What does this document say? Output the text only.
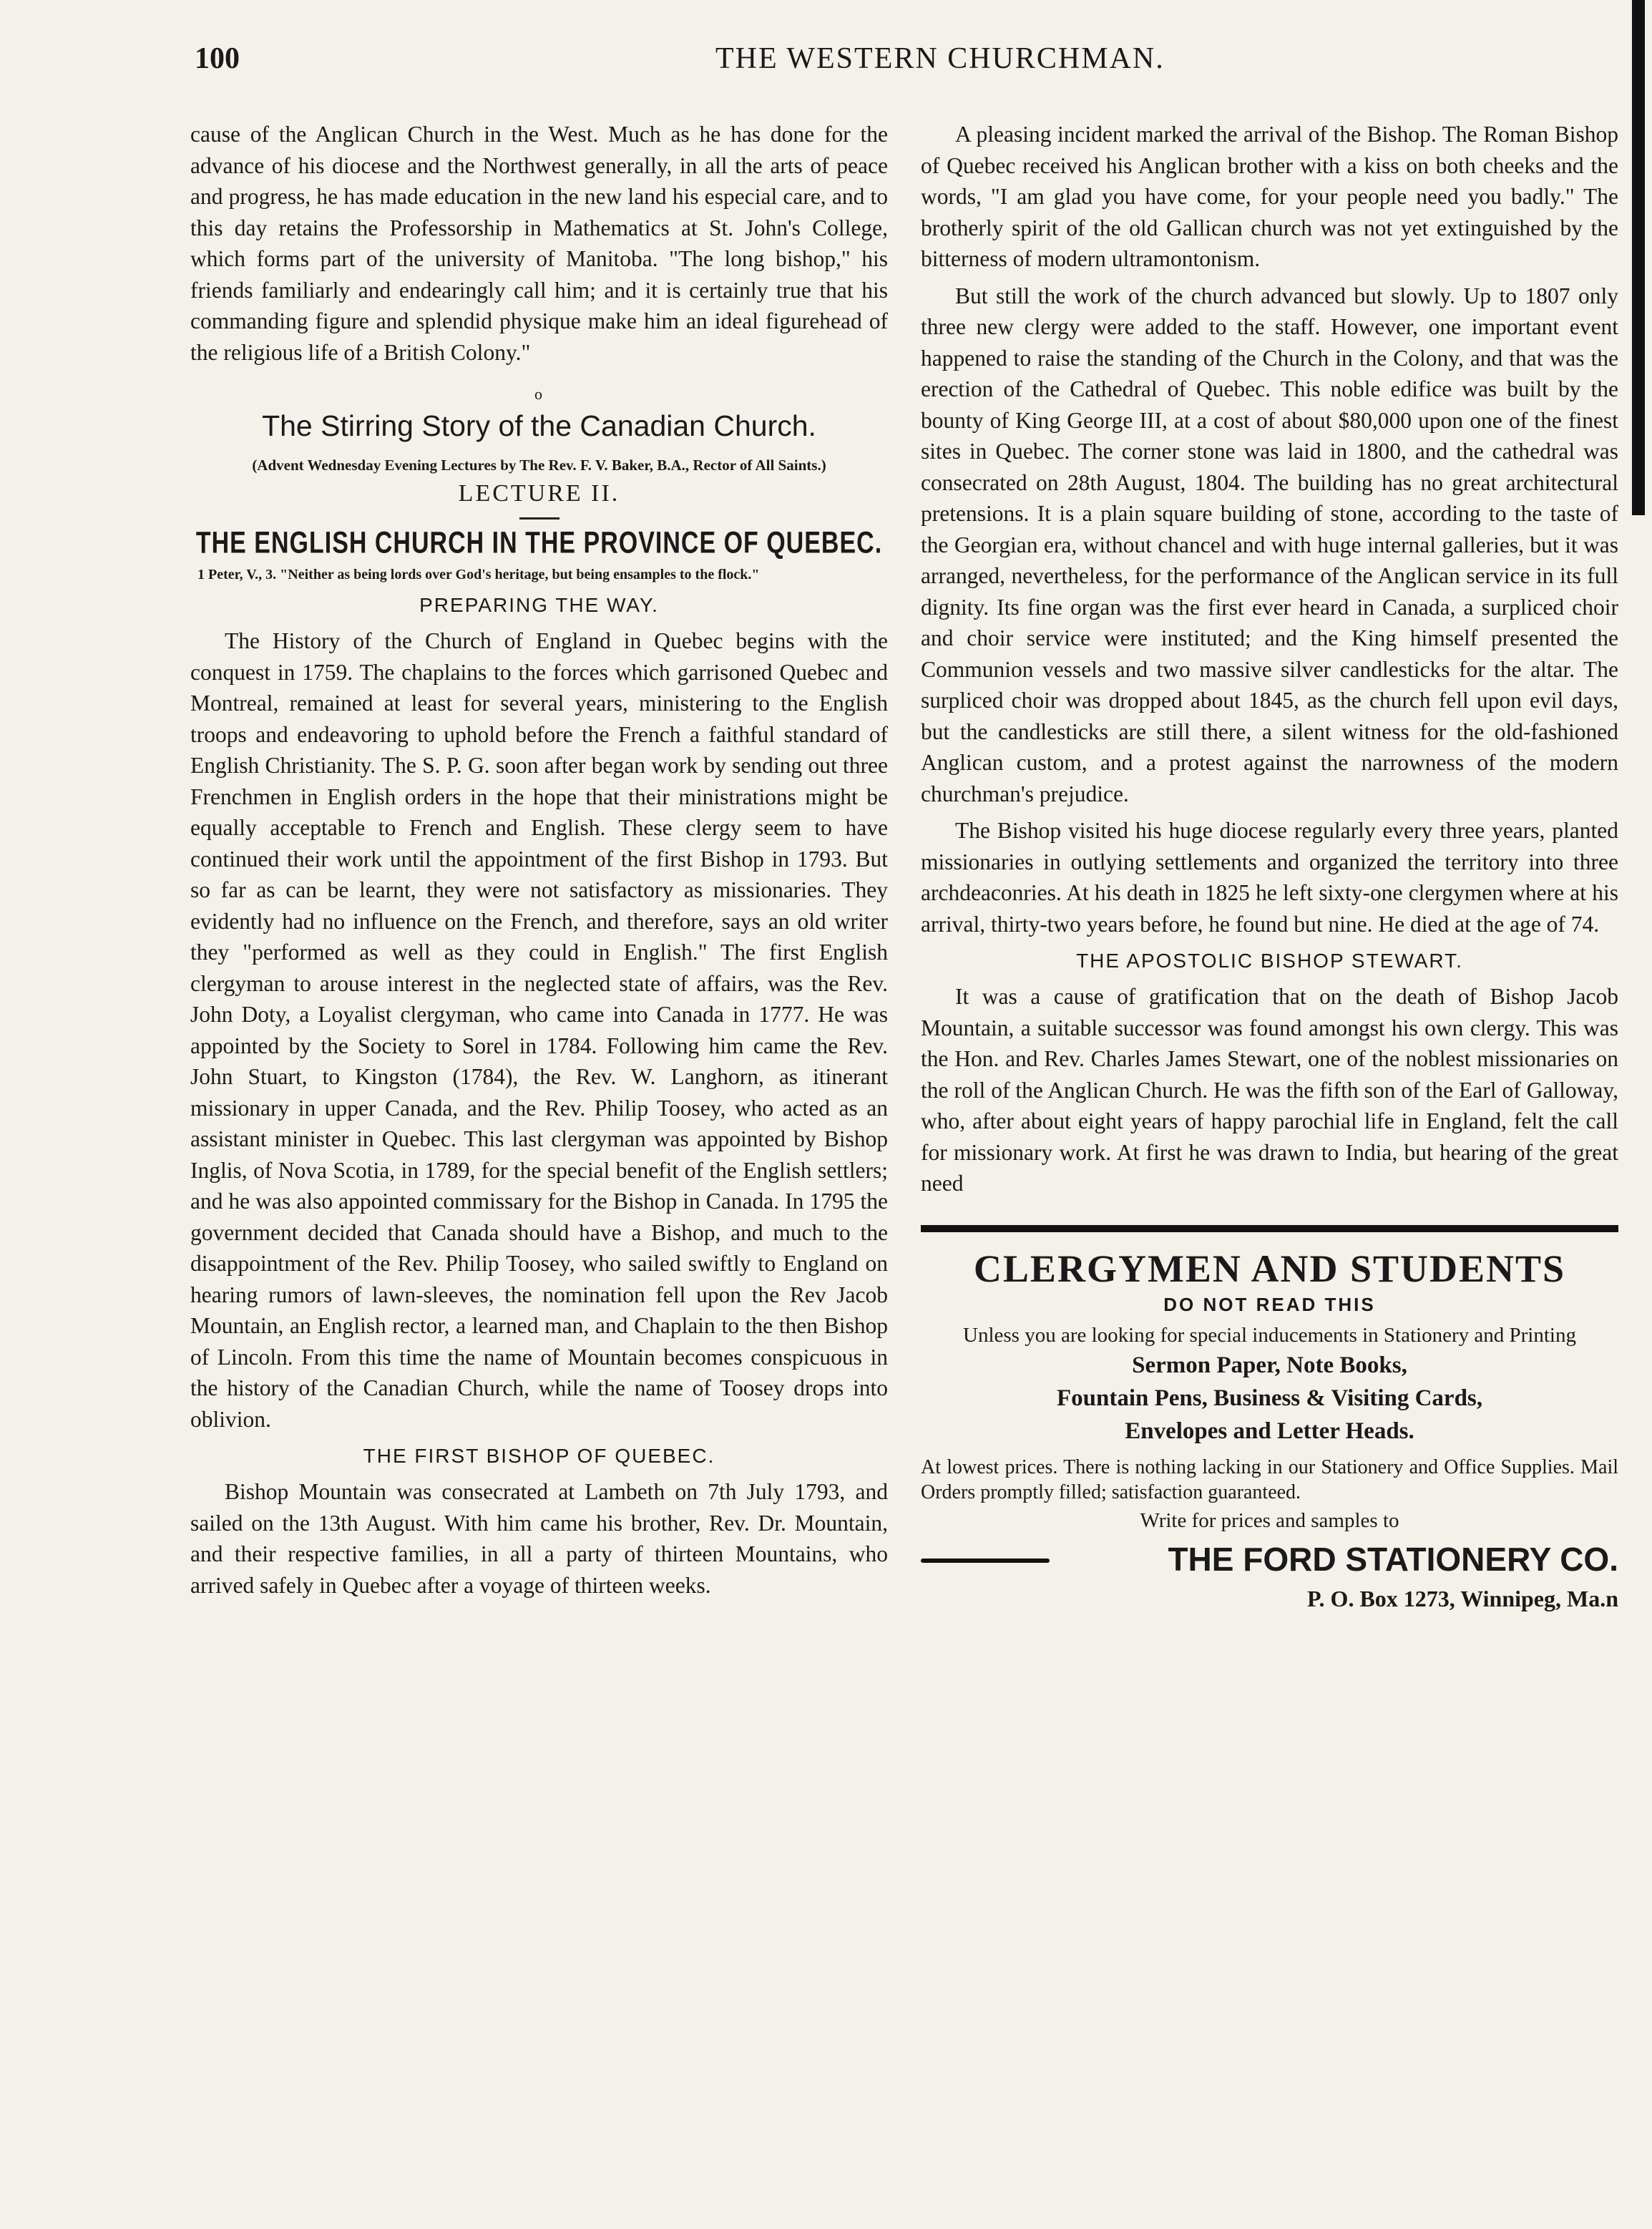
100	THE WESTERN CHURCHMAN.

cause of the Anglican Church in the West. Much as he has done for the advance of his diocese and the Northwest generally, in all the arts of peace and progress, he has made education in the new land his especial care, and to this day retains the Professorship in Mathematics at St. John's College, which forms part of the university of Manitoba. "The long bishop," his friends familiarly and endearingly call him; and it is certainly true that his commanding figure and splendid physique make him an ideal figurehead of the religious life of a British Colony."

o
The Stirring Story of the Canadian Church.
(Advent Wednesday Evening Lectures by The Rev. F. V. Baker, B.A., Rector of All Saints.)
LECTURE II.
THE ENGLISH CHURCH IN THE PROVINCE OF QUEBEC.
1 Peter, V., 3. "Neither as being lords over God's heritage, but being ensamples to the flock."
PREPARING THE WAY.

The History of the Church of England in Quebec begins with the conquest in 1759. The chaplains to the forces which garrisoned Quebec and Montreal, remained at least for several years, ministering to the English troops and endeavoring to uphold before the French a faithful standard of English Christianity. The S. P. G. soon after began work by sending out three Frenchmen in English orders in the hope that their ministrations might be equally acceptable to French and English. These clergy seem to have continued their work until the appointment of the first Bishop in 1793. But so far as can be learnt, they were not satisfactory as missionaries. They evidently had no influence on the French, and therefore, says an old writer they "performed as well as they could in English." The first English clergyman to arouse interest in the neglected state of affairs, was the Rev. John Doty, a Loyalist clergyman, who came into Canada in 1777. He was appointed by the Society to Sorel in 1784. Following him came the Rev. John Stuart, to Kingston (1784), the Rev. W. Langhorn, as itinerant missionary in upper Canada, and the Rev. Philip Toosey, who acted as an assistant minister in Quebec. This last clergyman was appointed by Bishop Inglis, of Nova Scotia, in 1789, for the special benefit of the English settlers; and he was also appointed commissary for the Bishop in Canada. In 1795 the government decided that Canada should have a Bishop, and much to the disappointment of the Rev. Philip Toosey, who sailed swiftly to England on hearing rumors of lawn-sleeves, the nomination fell upon the Rev Jacob Mountain, an English rector, a learned man, and Chaplain to the then Bishop of Lincoln. From this time the name of Mountain becomes conspicuous in the history of the Canadian Church, while the name of Toosey drops into oblivion.

THE FIRST BISHOP OF QUEBEC.

Bishop Mountain was consecrated at Lambeth on 7th July 1793, and sailed on the 13th August. With him came his brother, Rev. Dr. Mountain, and their respective families, in all a party of thirteen Mountains, who arrived safely in Quebec after a voyage of thirteen weeks.

A pleasing incident marked the arrival of the Bishop. The Roman Bishop of Quebec received his Anglican brother with a kiss on both cheeks and the words, "I am glad you have come, for your people need you badly." The brotherly spirit of the old Gallican church was not yet extinguished by the bitterness of modern ultramontonism.

But still the work of the church advanced but slowly. Up to 1807 only three new clergy were added to the staff. However, one important event happened to raise the standing of the Church in the Colony, and that was the erection of the Cathedral of Quebec. This noble edifice was built by the bounty of King George III, at a cost of about $80,000 upon one of the finest sites in Quebec. The corner stone was laid in 1800, and the cathedral was consecrated on 28th August, 1804. The building has no great architectural pretensions. It is a plain square building of stone, according to the taste of the Georgian era, without chancel and with huge internal galleries, but it was arranged, nevertheless, for the performance of the Anglican service in its full dignity. Its fine organ was the first ever heard in Canada, a surpliced choir and choir service were instituted; and the King himself presented the Communion vessels and two massive silver candlesticks for the altar. The surpliced choir was dropped about 1845, as the church fell upon evil days, but the candlesticks are still there, a silent witness for the old-fashioned Anglican custom, and a protest against the narrowness of the modern churchman's prejudice.

The Bishop visited his huge diocese regularly every three years, planted missionaries in outlying settlements and organized the territory into three archdeaconries. At his death in 1825 he left sixty-one clergymen where at his arrival, thirty-two years before, he found but nine. He died at the age of 74.

THE APOSTOLIC BISHOP STEWART.

It was a cause of gratification that on the death of Bishop Jacob Mountain, a suitable successor was found amongst his own clergy. This was the Hon. and Rev. Charles James Stewart, one of the noblest missionaries on the roll of the Anglican Church. He was the fifth son of the Earl of Galloway, who, after about eight years of happy parochial life in England, felt the call for missionary work. At first he was drawn to India, but hearing of the great need

CLERGYMEN AND STUDENTS
DO NOT READ THIS
Unless you are looking for special inducements in Stationery and Printing
Sermon Paper, Note Books,
Fountain Pens, Business & Visiting Cards,
Envelopes and Letter Heads.
At lowest prices. There is nothing lacking in our Stationery and Office Supplies. Mail Orders promptly filled; satisfaction guaranteed.
Write for prices and samples to
THE FORD STATIONERY CO.
P. O. Box 1273, Winnipeg, Ma.n
